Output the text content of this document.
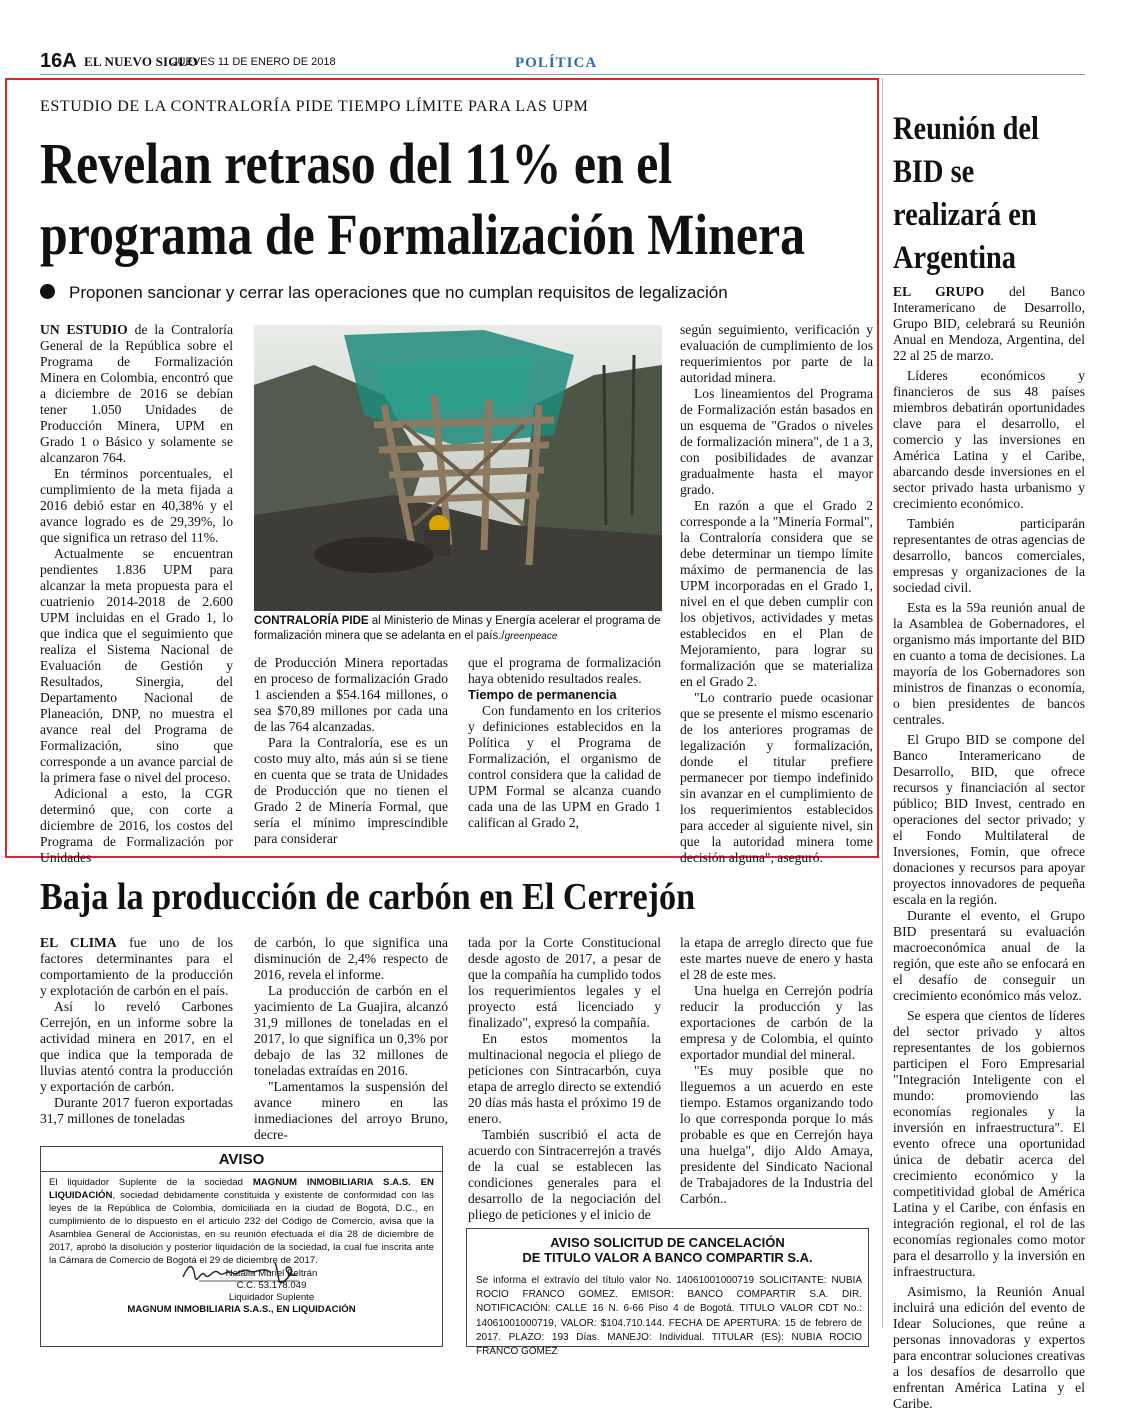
16A EL NUEVO SIGLO
JUEVES 11 DE ENERO DE 2018	POLÍTICA
ESTUDIO DE LA CONTRALORÍA PIDE TIEMPO LÍMITE PARA LAS UPM
Revelan retraso del 11% en el
programa de Formalización Minera
Proponen sancionar y cerrar las operaciones que no cumplan requisitos de legalización

UN ESTUDIO de la Contraloría General de la República sobre el Programa de Formalización Minera en Colombia, encontró que a diciembre de 2016 se debían tener 1.050 Unidades de Producción Minera, UPM en Grado 1 o Básico y solamente se alcanzaron 764.

En términos porcentuales, el cumplimiento de la meta fijada a 2016 debió estar en 40,38% y el avance logrado es de 29,39%, lo que significa un retraso del 11%.

Actualmente se encuentran pendientes 1.836 UPM para alcanzar la meta propuesta para el cuatrienio 2014-2018 de 2.600 UPM incluidas en el Grado 1, lo que indica que el seguimiento que realiza el Sistema Nacional de Evaluación de Gestión y Resultados, Sinergia, del Departamento Nacional de Planeación, DNP, no muestra el avance real del Programa de Formalización, sino que corresponde a un avance parcial de la primera fase o nivel del proceso.

Adicional a esto, la CGR determinó que, con corte a diciembre de 2016, los costos del Programa de Formalización por Unidades

CONTRALORÍA PIDE al Ministerio de Minas y Energía acelerar el programa de formalización minera que se adelanta en el país./greenpeace

de Producción Minera reportadas en proceso de formalización Grado 1 ascienden a $54.164 millones, o sea $70,89 millones por cada una de las 764 alcanzadas.

Para la Contraloría, ese es un costo muy alto, más aún si se tiene en cuenta que se trata de Unidades de Producción que no tienen el Grado 2 de Minería Formal, que sería el mínimo imprescindible para considerar

que el programa de formalización haya obtenido resultados reales.

Tiempo de permanencia

Con fundamento en los criterios y definiciones establecidos en la Política y el Programa de Formalización, el organismo de control considera que la calidad de UPM Formal se alcanza cuando cada una de las UPM en Grado 1 califican al Grado 2,

según seguimiento, verificación y evaluación de cumplimiento de los requerimientos por parte de la autoridad minera.

Los lineamientos del Programa de Formalización están basados en un esquema de "Grados o niveles de formalización minera", de 1 a 3, con posibilidades de avanzar gradualmente hasta el mayor grado.

En razón a que el Grado 2 corresponde a la "Minería Formal", la Contraloría considera que se debe determinar un tiempo límite máximo de permanencia de las UPM incorporadas en el Grado 1, nivel en el que deben cumplir con los objetivos, actividades y metas establecidos en el Plan de Mejoramiento, para lograr su formalización que se materializa en el Grado 2.

"Lo contrario puede ocasionar que se presente el mismo escenario de los anteriores programas de legalización y formalización, donde el titular prefiere permanecer por tiempo indefinido sin avanzar en el cumplimiento de los requerimientos establecidos para acceder al siguiente nivel, sin que la autoridad minera tome decisión alguna", aseguró.

Reunión del BID se realizará en Argentina

EL GRUPO del Banco Interamericano de Desarrollo, Grupo BID, celebrará su Reunión Anual en Mendoza, Argentina, del 22 al 25 de marzo.

Líderes económicos y financieros de sus 48 países miembros debatirán oportunidades clave para el desarrollo, el comercio y las inversiones en América Latina y el Caribe, abarcando desde inversiones en el sector privado hasta urbanismo y crecimiento económico.

También participarán representantes de otras agencias de desarrollo, bancos comerciales, empresas y organizaciones de la sociedad civil.

Esta es la 59a reunión anual de la Asamblea de Gobernadores, el organismo más importante del BID en cuanto a toma de decisiones. La mayoría de los Gobernadores son ministros de finanzas o economía, o bien presidentes de bancos centrales.

El Grupo BID se compone del Banco Interamericano de Desarrollo, BID, que ofrece recursos y financiación al sector público; BID Invest, centrado en operaciones del sector privado; y el Fondo Multilateral de Inversiones, Fomin, que ofrece donaciones y recursos para apoyar proyectos innovadores de pequeña escala en la región.

Durante el evento, el Grupo BID presentará su evaluación macroeconómica anual de la región, que este año se enfocará en el desafío de conseguir un crecimiento económico más veloz.

Se espera que cientos de líderes del sector privado y altos representantes de los gobiernos participen el Foro Empresarial "Integración Inteligente con el mundo: promoviendo las economías regionales y la inversión en infraestructura". El evento ofrece una oportunidad única de debatir acerca del crecimiento económico y la competitividad global de América Latina y el Caribe, con énfasis en integración regional, el rol de las economías regionales como motor para el desarrollo y la inversión en infraestructura.

Asimismo, la Reunión Anual incluirá una edición del evento de Idear Soluciones, que reúne a personas innovadoras y expertos para encontrar soluciones creativas a los desafíos de desarrollo que enfrentan América Latina y el Caribe.

Baja la producción de carbón en El Cerrejón

EL CLIMA fue uno de los factores determinantes para el comportamiento de la producción y explotación de carbón en el país.

Así lo reveló Carbones Cerrejón, en un informe sobre la actividad minera en 2017, en el que indica que la temporada de lluvias atentó contra la producción y exportación de carbón.

Durante 2017 fueron exportadas 31,7 millones de toneladas

de carbón, lo que significa una disminución de 2,4% respecto de 2016, revela el informe.

La producción de carbón en el yacimiento de La Guajira, alcanzó 31,9 millones de toneladas en el 2017, lo que significa un 0,3% por debajo de las 32 millones de toneladas extraídas en 2016.

"Lamentamos la suspensión del avance minero en las inmediaciones del arroyo Bruno, decre-

tada por la Corte Constitucional desde agosto de 2017, a pesar de que la compañía ha cumplido todos los requerimientos legales y el proyecto está licenciado y finalizado", expresó la compañía.

En estos momentos la multinacional negocia el pliego de peticiones con Sintracarbón, cuya etapa de arreglo directo se extendió 20 días más hasta el próximo 19 de enero.

También suscribió el acta de acuerdo con Sintracerrejón a través de la cual se establecen las condiciones generales para el desarrollo de la negociación del pliego de peticiones y el inicio de

la etapa de arreglo directo que fue este martes nueve de enero y hasta el 28 de este mes.

Una huelga en Cerrejón podría reducir la producción y las exportaciones de carbón de la empresa y de Colombia, el quinto exportador mundial del mineral.

"Es muy posible que no lleguemos a un acuerdo en este tiempo. Estamos organizando todo lo que corresponda porque lo más probable es que en Cerrejón haya una huelga", dijo Aldo Amaya, presidente del Sindicato Nacional de Trabajadores de la Industria del Carbón..

AVISO
El liquidador Suplente de la sociedad MAGNUM INMOBILIARIA S.A.S. EN LIQUIDACIÓN, sociedad debidamente constituida y existente de conformidad con las leyes de la República de Colombia, domiciliada en la ciudad de Bogotá, D.C., en cumplimiento de lo dispuesto en el artículo 232 del Código de Comercio, avisa que la Asamblea General de Accionistas, en su reunión efectuada el día 28 de diciembre de 2017, aprobó la disolución y posterior liquidación de la sociedad, la cual fue inscrita ante la Cámara de Comercio de Bogotá el 29 de diciembre de 2017.
Natalia Muriel Beltrán
C.C. 53.178.049
Liquidador Suplente
MAGNUM INMOBILIARIA S.A.S., EN LIQUIDACIÓN
AVISO SOLICITUD DE CANCELACIÓN
DE TITULO VALOR A BANCO COMPARTIR S.A.
Se informa el extravío del título valor No. 14061001000719 SOLICITANTE: NUBIA ROCIO FRANCO GOMEZ. EMISOR: BANCO COMPARTIR S.A. DIR. NOTIFICACIÓN: CALLE 16 N. 6-66 Piso 4 de Bogotá. TITULO VALOR CDT No.: 14061001000719, VALOR: $104.710.144. FECHA DE APERTURA: 15 de febrero de 2017. PLAZO: 193 Días. MANEJO: Individual. TITULAR (ES): NUBIA ROCIO FRANCO GOMEZ
